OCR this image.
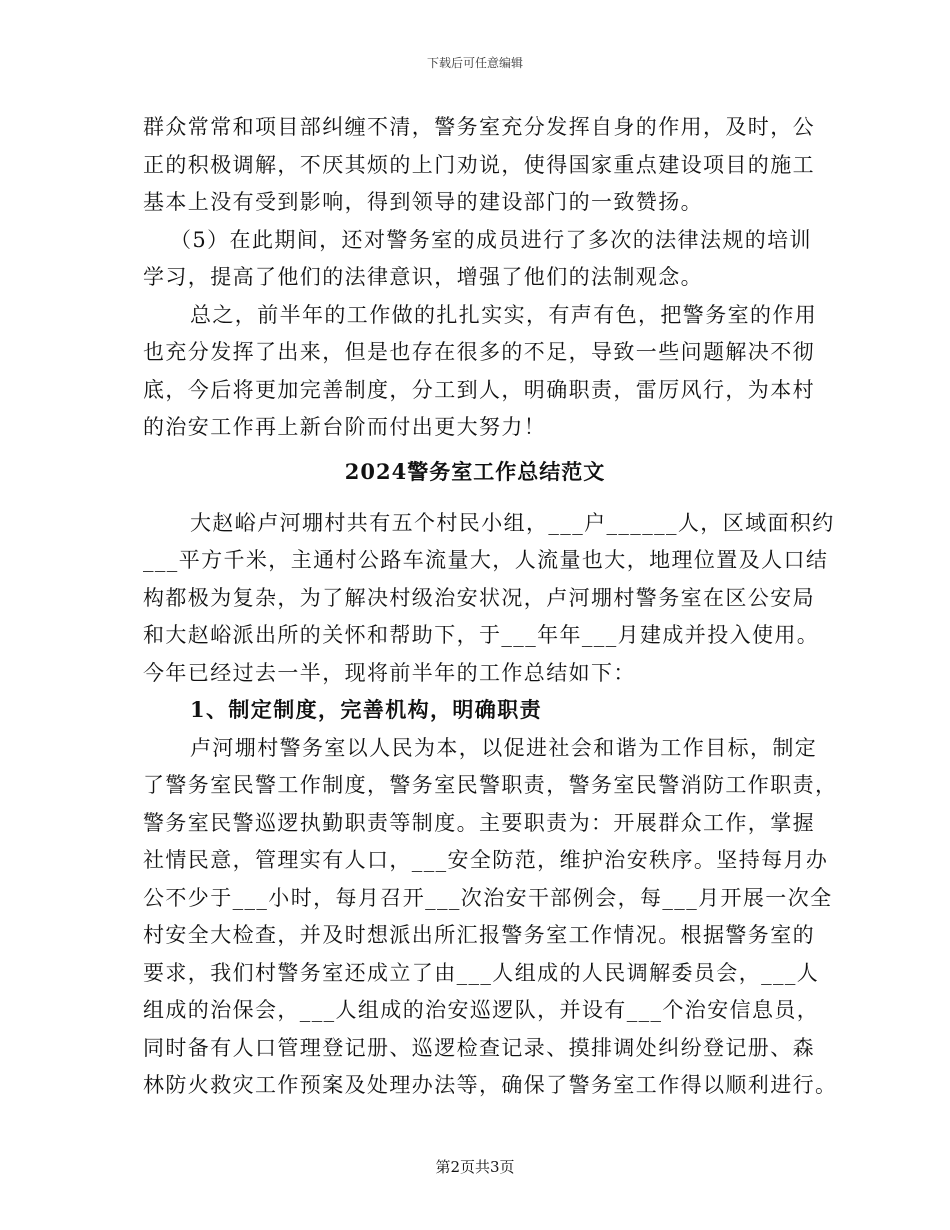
下载后可任意编辑
群众常常和项目部纠缠不清，警务室充分发挥自身的作用，及时，公
正的积极调解，不厌其烦的上门劝说，使得国家重点建设项目的施工
基本上没有受到影响，得到领导的建设部门的一致赞扬。
（5）在此期间，还对警务室的成员进行了多次的法律法规的培训
学习，提高了他们的法律意识，增强了他们的法制观念。
总之，前半年的工作做的扎扎实实，有声有色，把警务室的作用
也充分发挥了出来，但是也存在很多的不足，导致一些问题解决不彻
底，今后将更加完善制度，分工到人，明确职责，雷厉风行，为本村
的治安工作再上新台阶而付出更大努力！
2024警务室工作总结范文
大赵峪卢河堋村共有五个村民小组，___户______人，区域面积约
___平方千米，主通村公路车流量大，人流量也大，地理位置及人口结
构都极为复杂，为了解决村级治安状况，卢河堋村警务室在区公安局
和大赵峪派出所的关怀和帮助下，于___年年___月建成并投入使用。
今年已经过去一半，现将前半年的工作总结如下：
1、制定制度，完善机构，明确职责
卢河堋村警务室以人民为本，以促进社会和谐为工作目标，制定
了警务室民警工作制度，警务室民警职责，警务室民警消防工作职责，
警务室民警巡逻执勤职责等制度。主要职责为：开展群众工作，掌握
社情民意，管理实有人口，___安全防范，维护治安秩序。坚持每月办
公不少于___小时，每月召开___次治安干部例会，每___月开展一次全
村安全大检查，并及时想派出所汇报警务室工作情况。根据警务室的
要求，我们村警务室还成立了由___人组成的人民调解委员会，___人
组成的治保会，___人组成的治安巡逻队，并设有___个治安信息员，
同时备有人口管理登记册、巡逻检查记录、摸排调处纠纷登记册、森
林防火救灾工作预案及处理办法等，确保了警务室工作得以顺利进行。
第2页共3页
